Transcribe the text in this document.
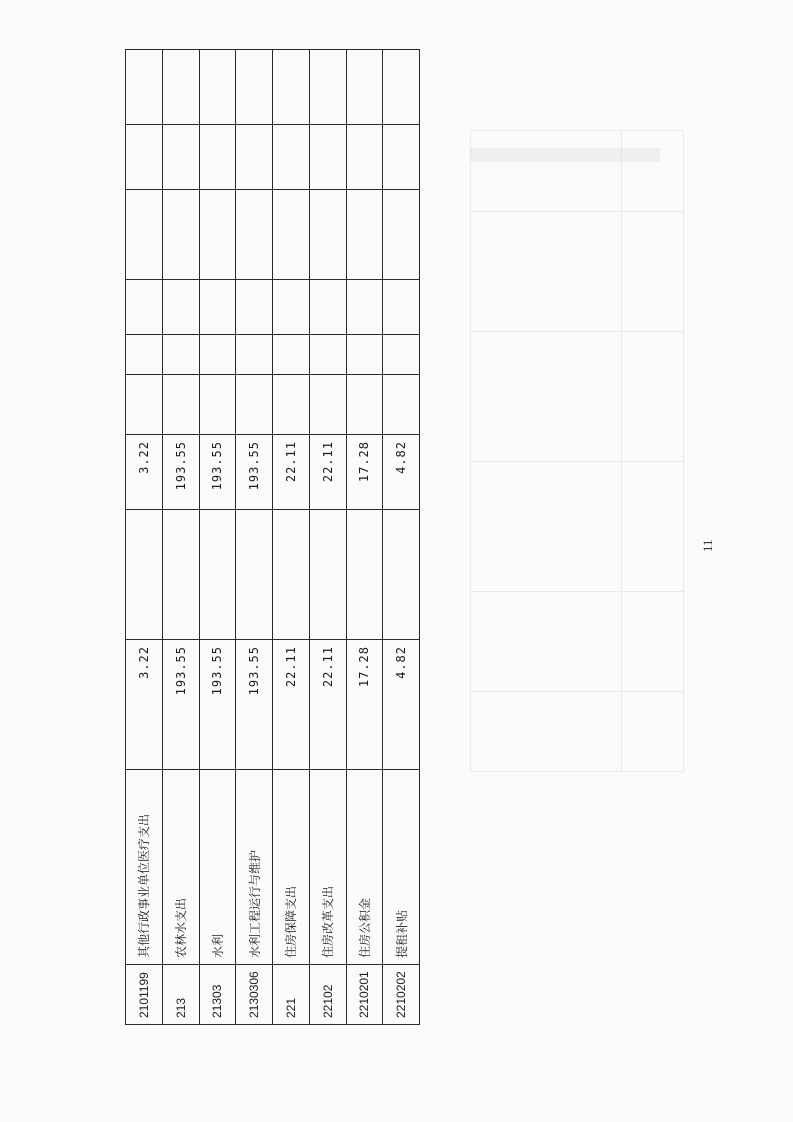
2101199	其他行政事业单位医疗支出	3.22		3.22						
213	农林水支出	193.55		193.55						
21303	水利	193.55		193.55						
2130306	水利工程运行与维护	193.55		193.55						
221	住房保障支出	22.11		22.11						
22102	住房改革支出	22.11		22.11						
2210201	住房公积金	17.28		17.28						
2210202	提租补贴	4.82		4.82						
11
